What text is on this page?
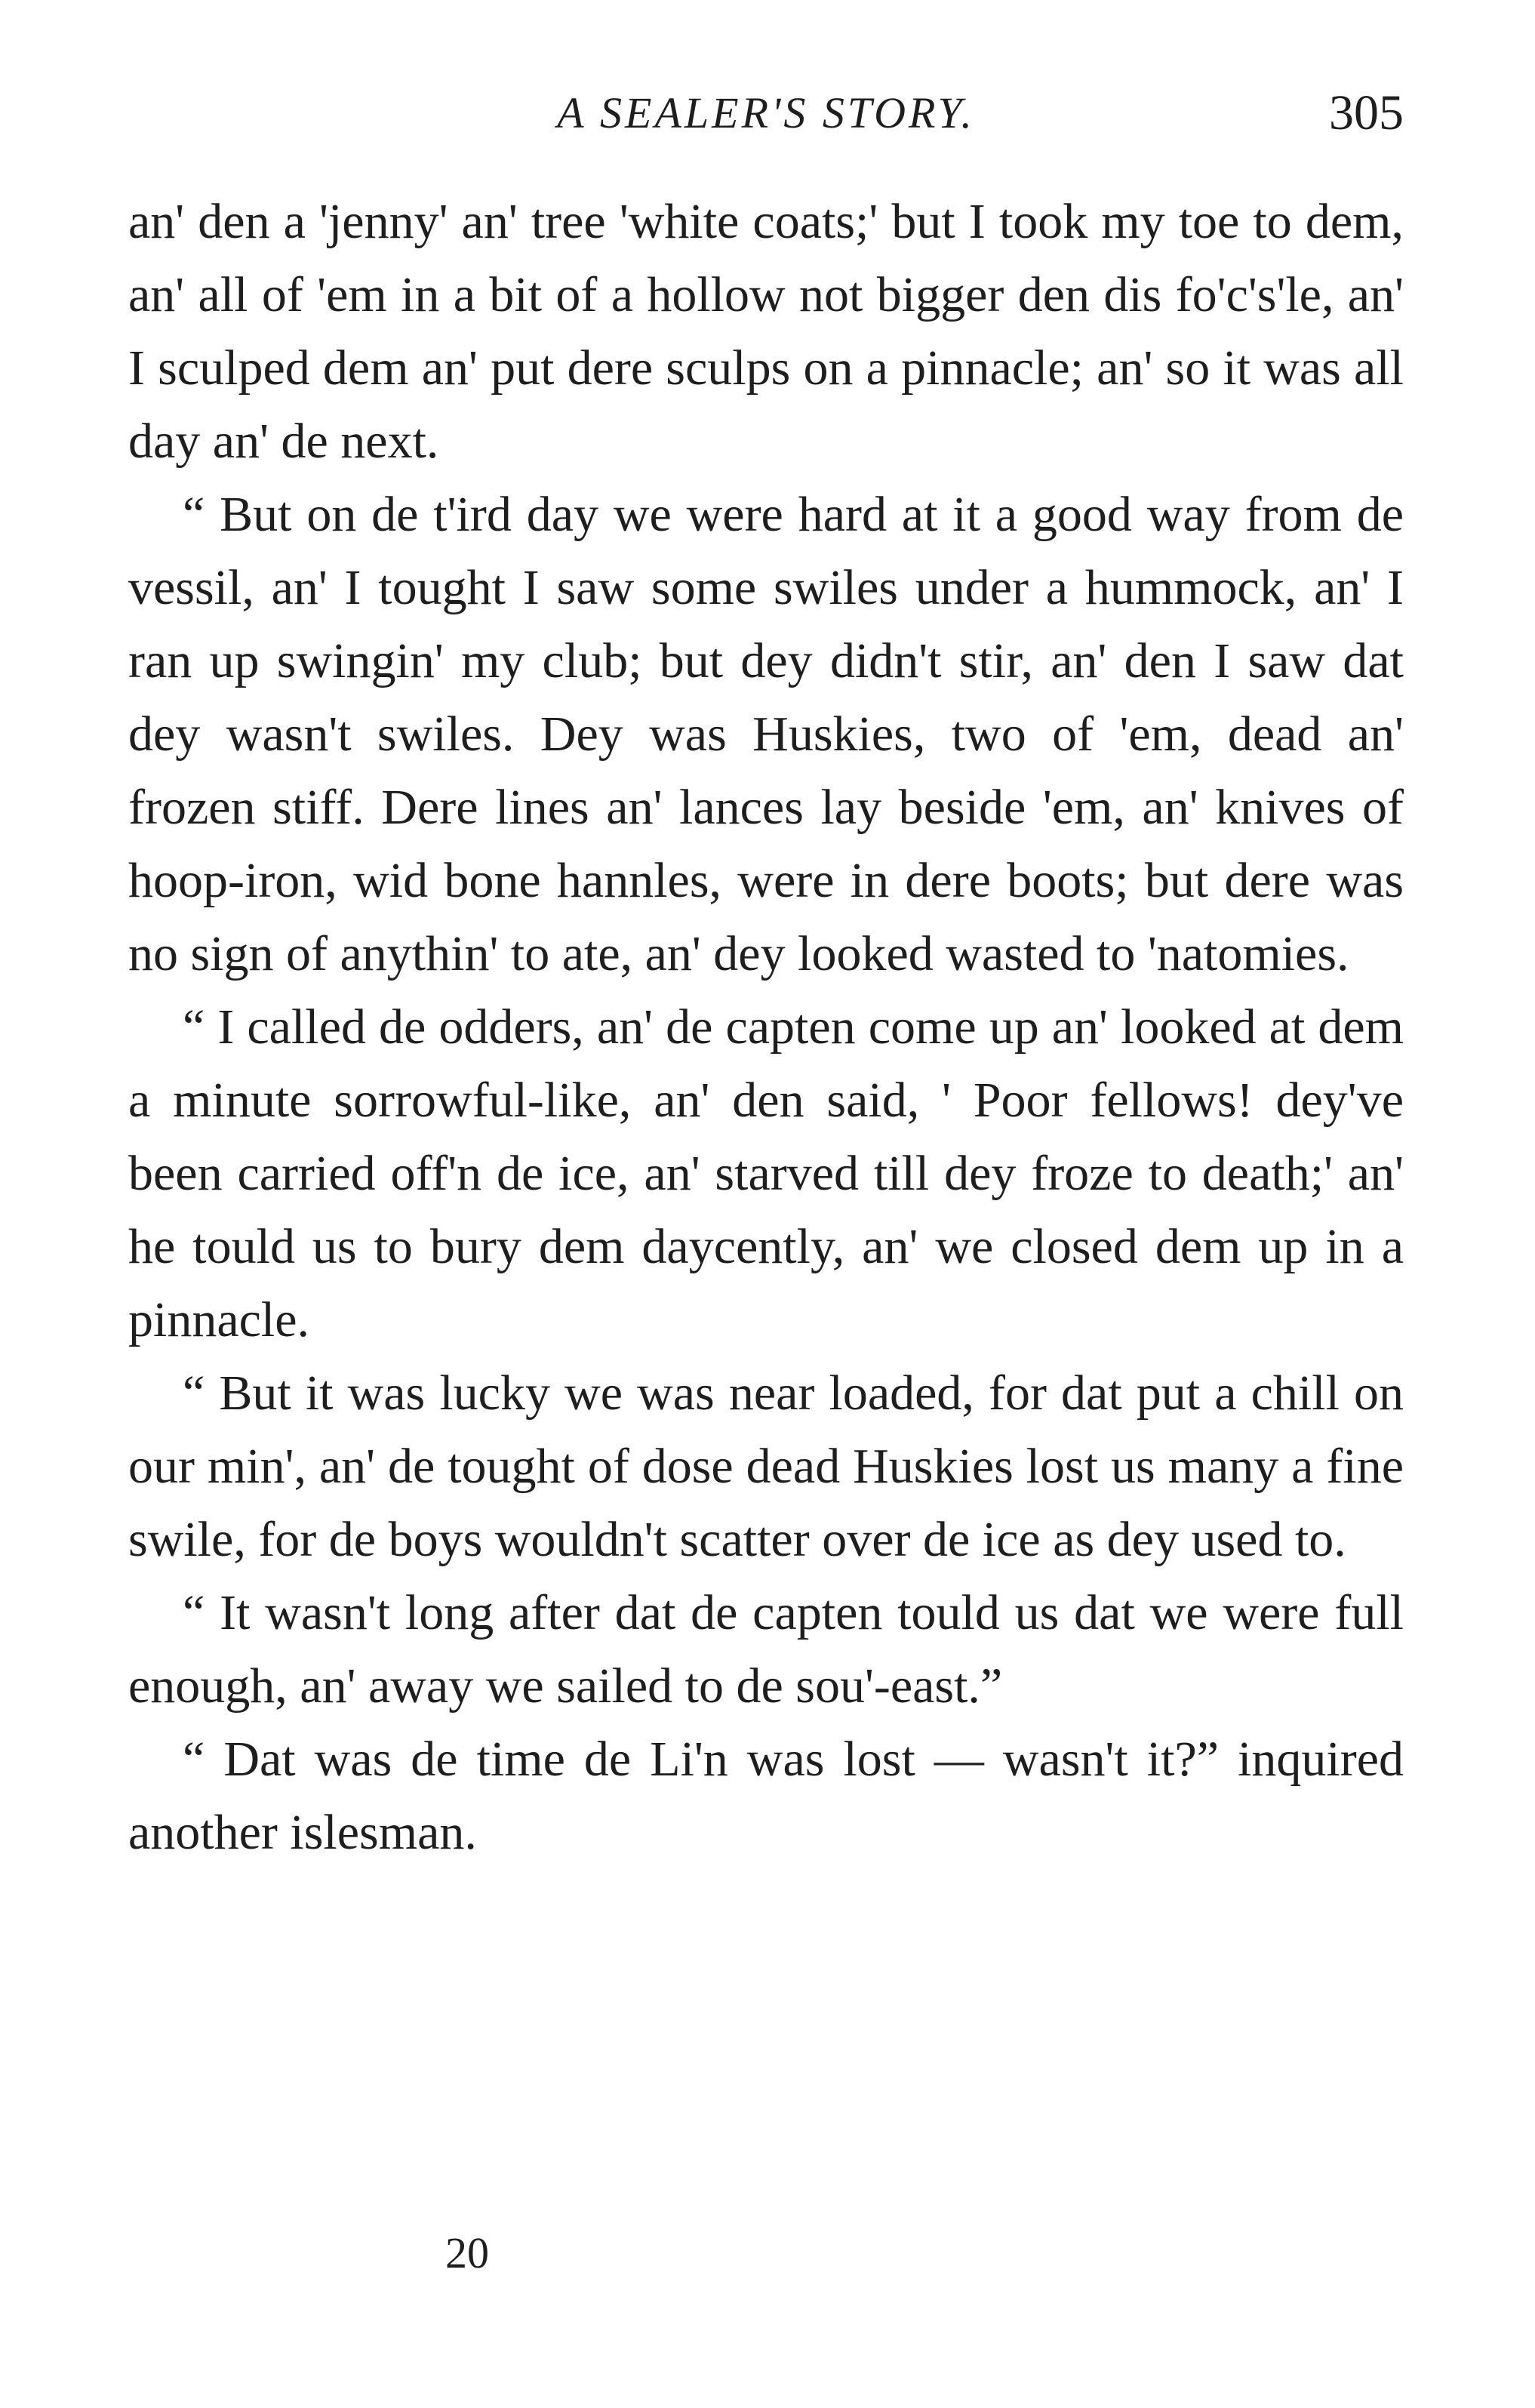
A SEALER'S STORY.	305

an' den a 'jenny' an' tree 'white coats;' but I took my toe to dem, an' all of 'em in a bit of a hollow not bigger den dis fo'c's'le, an' I sculped dem an' put dere sculps on a pinnacle; an' so it was all day an' de next.

“ But on de t'ird day we were hard at it a good way from de vessil, an' I tought I saw some swiles under a hummock, an' I ran up swingin' my club; but dey didn't stir, an' den I saw dat dey wasn't swiles. Dey was Huskies, two of 'em, dead an' frozen stiff. Dere lines an' lances lay beside 'em, an' knives of hoop-iron, wid bone hannles, were in dere boots; but dere was no sign of anythin' to ate, an' dey looked wasted to 'natomies.

“ I called de odders, an' de capten come up an' looked at dem a minute sorrowful-like, an' den said, ' Poor fellows! dey've been carried off'n de ice, an' starved till dey froze to death;' an' he tould us to bury dem daycently, an' we closed dem up in a pinnacle.

“ But it was lucky we was near loaded, for dat put a chill on our min', an' de tought of dose dead Huskies lost us many a fine swile, for de boys wouldn't scatter over de ice as dey used to.

“ It wasn't long after dat de capten tould us dat we were full enough, an' away we sailed to de sou'-east.”

“ Dat was de time de Li'n was lost — wasn't it?” inquired another islesman.

20
